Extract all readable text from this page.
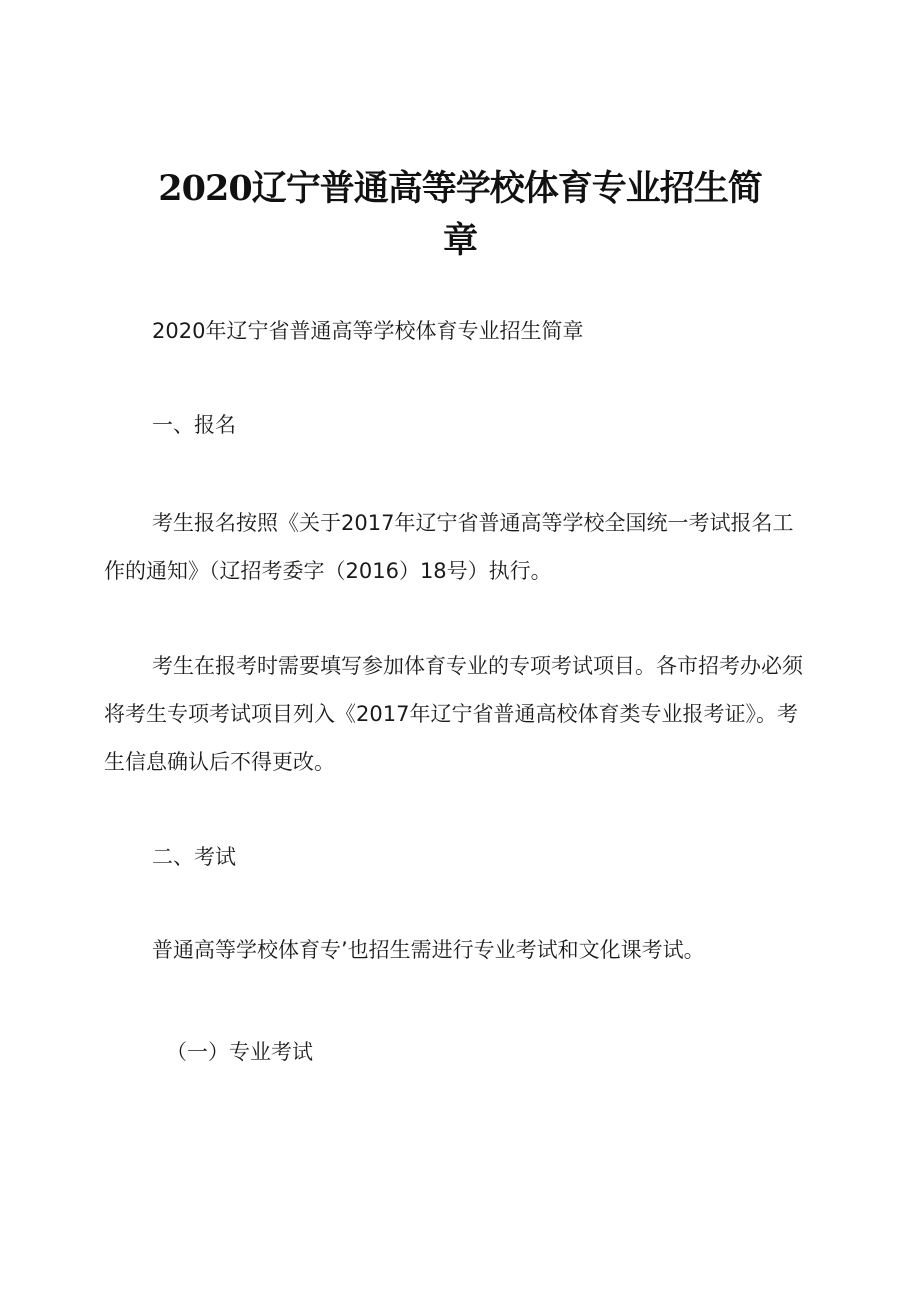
2020辽宁普通高等学校体育专业招生简
章
2020年辽宁省普通高等学校体育专业招生简章
一、报名
考生报名按照《关于2017年辽宁省普通高等学校全国统一考试报名工
作的通知》（辽招考委字（2016）18号）执行。
考生在报考时需要填写参加体育专业的专项考试项目。各市招考办必须
将考生专项考试项目列入《2017年辽宁省普通高校体育类专业报考证》。考
生信息确认后不得更改。
二、考试
普通高等学校体育专’也招生需进行专业考试和文化课考试。
（一）专业考试
